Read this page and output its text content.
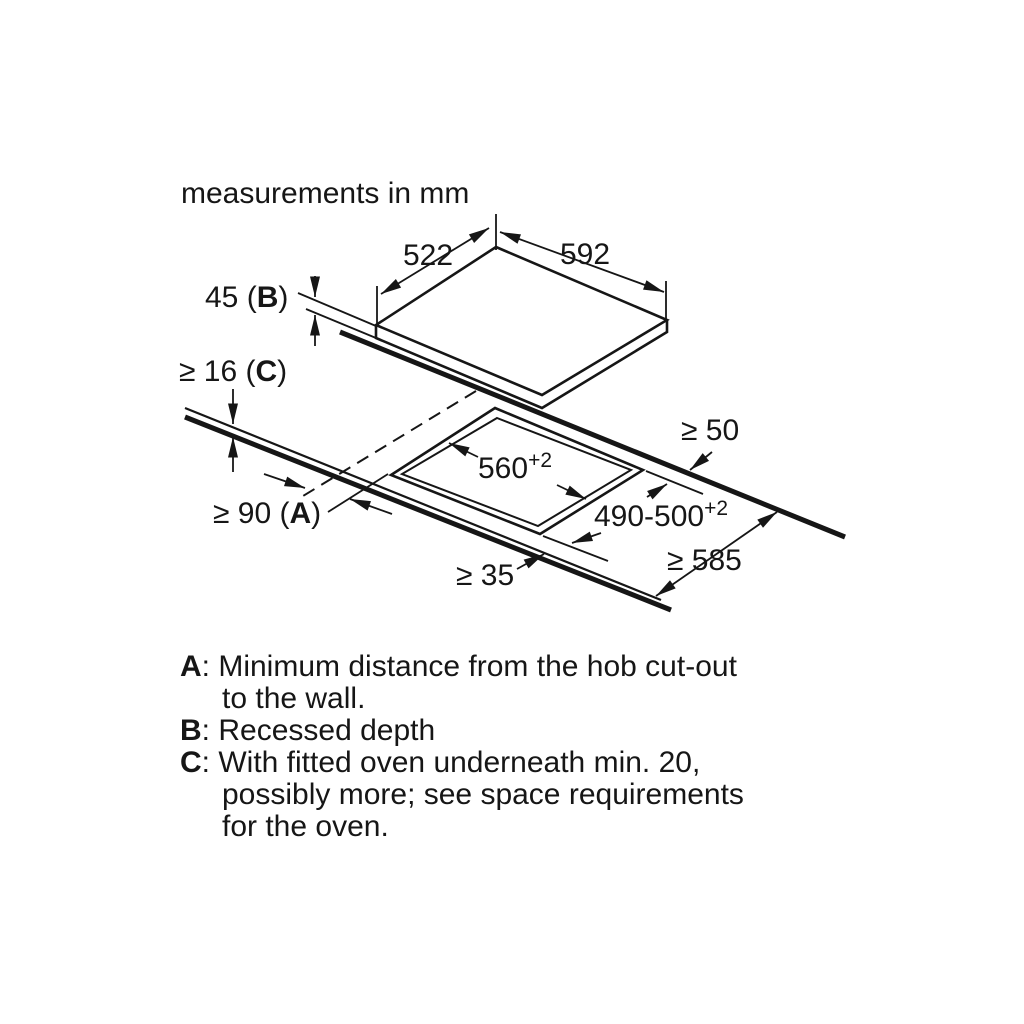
measurements in mm
522	592
45 (B)
≥ 16 (C)
≥ 50
$560^{+2}$
$490-500^{+2}$
≥ 90 (A)
≥ 35	≥ 585
A: Minimum distance from the hob cut-out
to the wall.
B: Recessed depth
C: With fitted oven underneath min. 20,
possibly more; see space requirements
for the oven.
